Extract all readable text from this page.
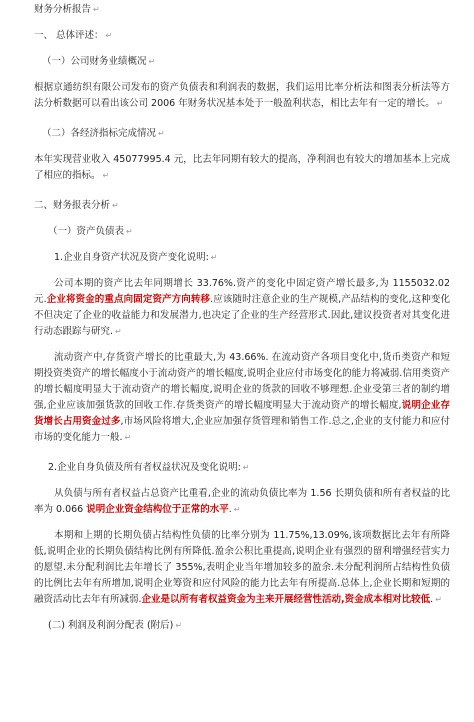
财务分析报告 ↵

一、 总体评述： ↵

（一）公司财务业绩概况 ↵

根据京通纺织有限公司发布的资产负债表和利润表的数据，我们运用比率分析法和图表分析法等方法分析数据可以看出该公司 2006 年财务状况基本处于一般盈利状态，相比去年有一定的增长。 ↵

（二）各经济指标完成情况 ↵

本年实现营业收入 45077995.4 元，比去年同期有较大的提高，净利润也有较大的增加基本上完成了相应的指标。 ↵

二、财务报表分析 ↵

（一）资产负债表 ↵

1.企业自身资产状况及资产变化说明: ↵

公司本期的资产比去年同期增长 33.76%.资产的变化中固定资产增长最多,为 1155032.02 元.企业将资金的重点向固定资产方向转移.应该随时注意企业的生产规模,产品结构的变化,这种变化不但决定了企业的收益能力和发展潜力,也决定了企业的生产经营形式.因此,建议投资者对其变化进行动态跟踪与研究. ↵

流动资产中,存货资产增长的比重最大,为 43.66%. 在流动资产各项目变化中,货币类资产和短期投资类资产的增长幅度小于流动资产的增长幅度,说明企业应付市场变化的能力将减弱.信用类资产的增长幅度明显大于流动资产的增长幅度,说明企业的货款的回收不够理想.企业受第三者的制约增强,企业应该加强货款的回收工作.存货类资产的增长幅度明显大于流动资产的增长幅度,说明企业存货增长占用资金过多,市场风险将增大,企业应加强存货管理和销售工作.总之,企业的支付能力和应付市场的变化能力一般. ↵

2.企业自身负债及所有者权益状况及变化说明: ↵

从负债与所有者权益占总资产比重看,企业的流动负债比率为 1.56 长期负债和所有者权益的比率为 0.066 说明企业资金结构位于正常的水平. ↵

本期和上期的长期负债占结构性负债的比率分别为 11.75%,13.09%,该项数据比去年有所降低,说明企业的长期负债结构比例有所降低.盈余公积比重提高,说明企业有强烈的留利增强经营实力的愿望.未分配利润比去年增长了 355%,表明企业当年增加较多的盈余.未分配利润所占结构性负债的比例比去年有所增加,说明企业筹资和应付风险的能力比去年有所提高.总体上,企业长期和短期的融资活动比去年有所减弱.企业是以所有者权益资金为主来开展经营性活动,资金成本相对比较低. ↵

(二) 利润及利润分配表 (附后) ↵
